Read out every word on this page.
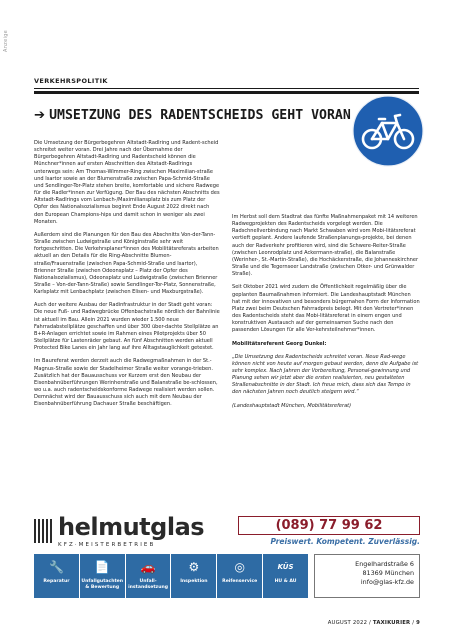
Anzeige
VERKEHRSPOLITIK
➔ UMSETZUNG DES RADENTSCHEIDS GEHT VORAN

Die Umsetzung der Bürgerbegehren Altstadt-Radlring und Radent-scheid schreitet weiter voran. Drei Jahre nach der Übernahme der Bürgerbegehren Altstadt-Radlring und Radentscheid können die Münchner*innen auf ersten Abschnitten des Altstadt-Radlrings unterwegs sein: Am Thomas-Wimmer-Ring zwischen Maximilian-straße und Isartor sowie an der Blumenstraße zwischen Papa-Schmid-Straße und Sendlinger-Tor-Platz stehen breite, komfortable und sichere Radwege für die Radler*innen zur Verfügung. Der Bau des nächsten Abschnitts des Altstadt-Radlrings vom Lenbach-/Maximiliansplatz bis zum Platz der Opfer des Nationalsozialismus beginnt Ende August 2022 direkt nach den European Champions-hips und damit schon in weniger als zwei Monaten.

Außerdem sind die Planungen für den Bau des Abschnitts Von-der-Tann-Straße zwischen Ludwigstraße und Königinstraße sehr weit fortgeschritten. Die Verkehrsplaner*innen des Mobilitätsreferats arbeiten aktuell an den Details für die Ring-Abschnitte Blumen-straße/Frauenstraße (zwischen Papa-Schmid-Straße und Isartor), Brienner Straße (zwischen Odeonsplatz – Platz der Opfer des Nationalsozialismus), Odeonsplatz und Ludwigstraße (zwischen Brienner Straße – Von-der-Tann-Straße) sowie Sendlinger-Tor-Platz, Sonnenstraße, Karlsplatz mit Lenbachplatz (zwischen Elisen- und Maxburgstraße).

Auch der weitere Ausbau der Radinfrastruktur in der Stadt geht voran: Die neue Fuß- und Radwegbrücke Offenbachstraße nördlich der Bahnlinie ist aktuell im Bau. Allein 2021 wurden wieder 1.500 neue Fahrradabstellplätze geschaffen und über 300 über-dachte Stellplätze an B+R-Anlagen errichtet sowie im Rahmen eines Pilotprojekts über 50 Stellplätze für Lastenräder gebaut. An fünf Abschnitten werden aktuell Protected Bike Lanes ein Jahr lang auf ihre Alltagstauglichkeit getestet.

Im Baureferat werden derzeit auch die Radwegmaßnahmen in der St.-Magnus-Straße sowie der Stadelheimer Straße weiter vorange-trieben. Zusätzlich hat der Bauausschuss vor Kurzem erst den Neubau der Eisenbahnüberführungen Werinherstraße und Balanstraße be-schlossen, wo u.a. auch radentscheidskonforme Radwege realisiert werden sollen. Demnächst wird der Bauausschuss sich auch mit dem Neubau der Eisenbahnüberführung Dachauer Straße beschäftigen.

Im Herbst soll dem Stadtrat das fünfte Maßnahmenpaket mit 14 weiteren Radwegprojekten des Radentscheids vorgelegt werden. Die Radschnellverbindung nach Markt Schwaben wird vom Mobi-litätsreferat vertieft geplant. Andere laufende Straßenplanungs-projekte, bei denen auch der Radverkehr profitieren wird, sind die Schwere-Reiter-Straße (zwischen Leonrodplatz und Ackermann-straße), die Balanstraße (Werinher-, St.-Martin-Straße), die Hochäckerstraße, die Johanneskirchner Straße und die Tegernseer Landstraße (zwischen Otker- und Grünwalder Straße).

Seit Oktober 2021 wird zudem die Öffentlichkeit regelmäßig über die geplanten Baumaßnahmen informiert. Die Landeshauptstadt München hat mit der innovativen und besonders bürgernahen Form der Information Platz zwei beim Deutschen Fahrradpreis belegt. Mit den Vertreter*innen des Radentscheids steht das Mobi-litätsreferat in einem engen und konstruktiven Austausch auf der gemeinsamen Suche nach den passenden Lösungen für alle Ver-kehrsteilnehmer*innen.

Mobilitätsreferent Georg Dunkel:

„Die Umsetzung des Radentscheids schreitet voran. Neue Rad-wege können nicht von heute auf morgen gebaut werden, denn die Aufgabe ist sehr komplex. Nach Jahren der Vorbereitung, Personal-gewinnung und Planung sehen wir jetzt aber die ersten realisierten, neu gestalteten Straßenabschnitte in der Stadt. Ich freue mich, dass sich das Tempo in den nächsten Jahren noch deutlich steigern wird.“

(Landeshauptstadt München, Mobilitätsreferat)

helmutglas
KFZ·MEISTERBETRIEB
(089) 77 99 62
Preiswert. Kompetent. Zuverlässig.
🔧
Reparatur
📄
Unfallgutachten & Bewertung
🚗
Unfall-instandsetzung
⚙
Inspektion
◎
Reifenservice
KÜS
HU & AU
Engelhardstraße 6
81369 München
info@glas-kfz.de
AUGUST 2022 / TAXIKURIER / 9
